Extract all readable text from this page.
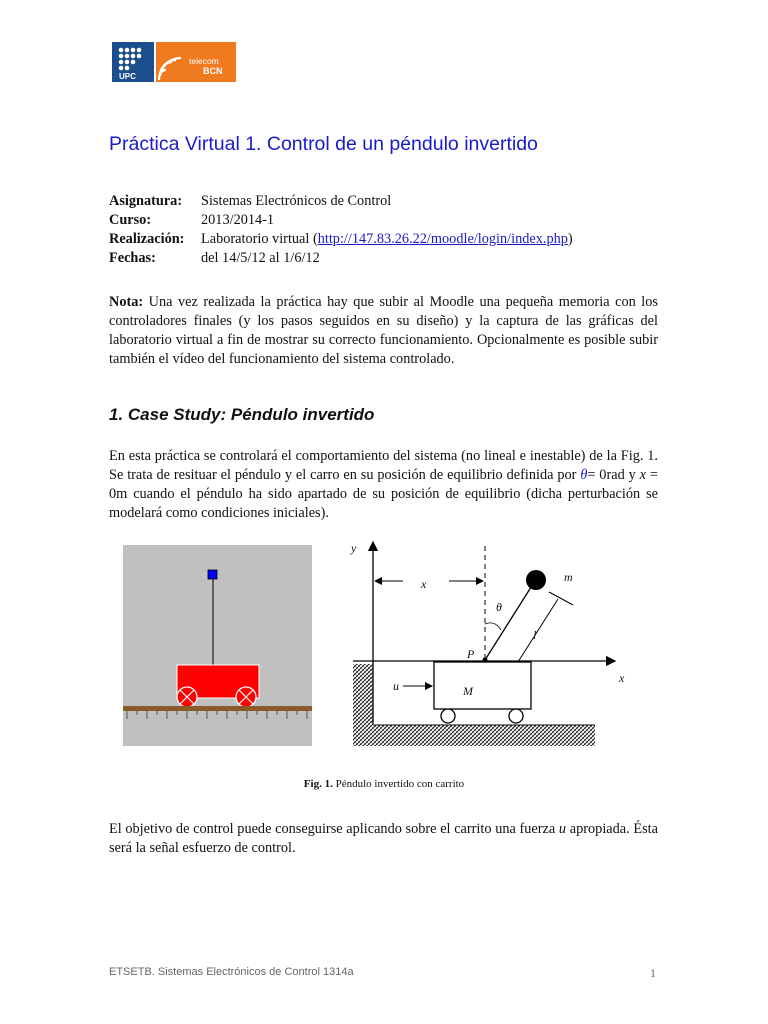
UPC
telecom
BCN
Práctica Virtual 1. Control de un péndulo invertido
Asignatura:	Sistemas Electrónicos de Control
Curso:	2013/2014-1
Realización:	Laboratorio virtual (http://147.83.26.22/moodle/login/index.php)
Fechas:	del 14/5/12 al 1/6/12

Nota: Una vez realizada la práctica hay que subir al Moodle una pequeña memoria con los controladores finales (y los pasos seguidos en su diseño) y la captura de las gráficas del laboratorio virtual a fin de mostrar su correcto funcionamiento. Opcionalmente es posible subir también el vídeo del funcionamiento del sistema controlado.

1. Case Study: Péndulo invertido

En esta práctica se controlará el comportamiento del sistema (no lineal e inestable) de la Fig. 1. Se trata de resituar el péndulo y el carro en su posición de equilibrio definida por θ= 0rad y x = 0m cuando el péndulo ha sido apartado de su posición de equilibrio (dicha perturbación se modelará como condiciones iniciales).

y
x
x	m
θ
l
P
M
u
Fig. 1. Péndulo invertido con carrito

El objetivo de control puede conseguirse aplicando sobre el carrito una fuerza u apropiada. Ésta será la señal esfuerzo de control.

ETSETB. Sistemas Electrónicos de Control 1314a	1
